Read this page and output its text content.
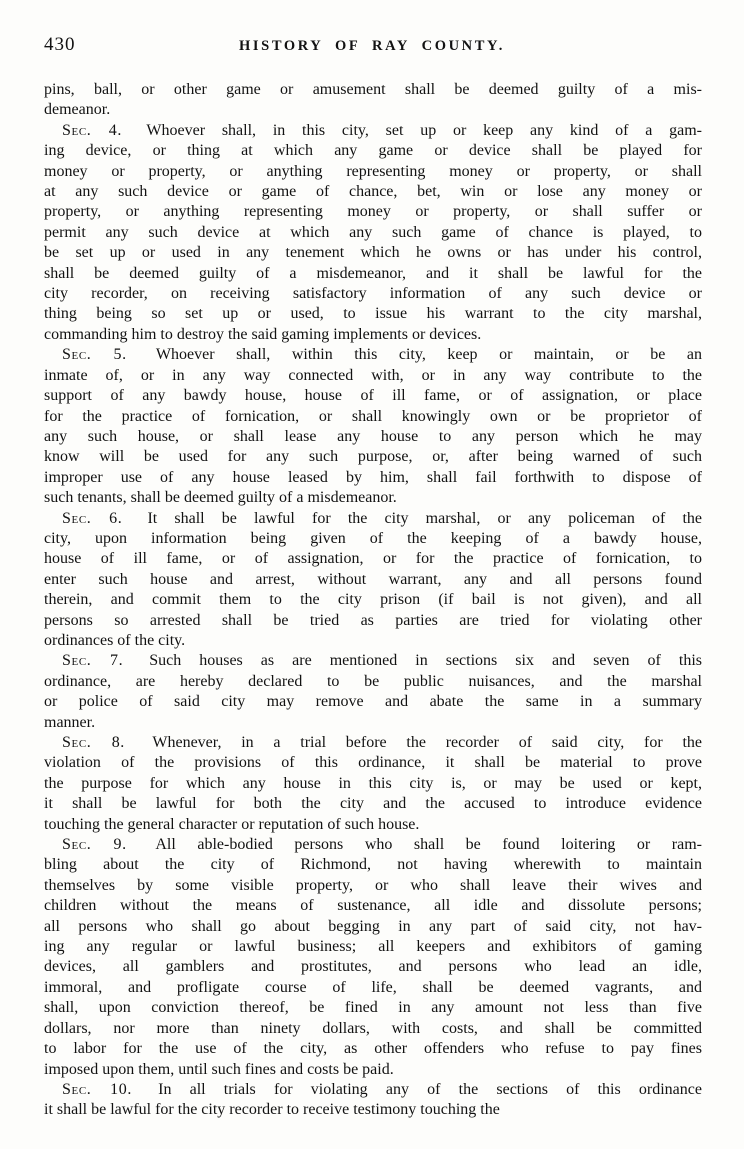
430	HISTORY OF RAY COUNTY.
pins, ball, or other game or amusement shall be deemed guilty of a mis-
demeanor.
Sec. 4.  Whoever shall, in this city, set up or keep any kind of a gam-
ing device, or thing at which any game or device shall be played for
money or property, or anything representing money or property, or shall
at any such device or game of chance, bet, win or lose any money or
property, or anything representing money or property, or shall suffer or
permit any such device at which any such game of chance is played, to
be set up or used in any tenement which he owns or has under his control,
shall be deemed guilty of a misdemeanor, and it shall be lawful for the
city recorder, on receiving satisfactory information of any such device or
thing being so set up or used, to issue his warrant to the city marshal,
commanding him to destroy the said gaming implements or devices.
Sec. 5.  Whoever shall, within this city, keep or maintain, or be an
inmate of, or in any way connected with, or in any way contribute to the
support of any bawdy house, house of ill fame, or of assignation, or place
for the practice of fornication, or shall knowingly own or be proprietor of
any such house, or shall lease any house to any person which he may
know will be used for any such purpose, or, after being warned of such
improper use of any house leased by him, shall fail forthwith to dispose of
such tenants, shall be deemed guilty of a misdemeanor.
Sec. 6.  It shall be lawful for the city marshal, or any policeman of the
city, upon information being given of the keeping of a bawdy house,
house of ill fame, or of assignation, or for the practice of fornication, to
enter such house and arrest, without warrant, any and all persons found
therein, and commit them to the city prison (if bail is not given), and all
persons so arrested shall be tried as parties are tried for violating other
ordinances of the city.
Sec. 7.  Such houses as are mentioned in sections six and seven of this
ordinance, are hereby declared to be public nuisances, and the marshal
or police of said city may remove and abate the same in a summary
manner.
Sec. 8.  Whenever, in a trial before the recorder of said city, for the
violation of the provisions of this ordinance, it shall be material to prove
the purpose for which any house in this city is, or may be used or kept,
it shall be lawful for both the city and the accused to introduce evidence
touching the general character or reputation of such house.
Sec. 9.  All able-bodied persons who shall be found loitering or ram-
bling about the city of Richmond, not having wherewith to maintain
themselves by some visible property, or who shall leave their wives and
children without the means of sustenance, all idle and dissolute persons;
all persons who shall go about begging in any part of said city, not hav-
ing any regular or lawful business; all keepers and exhibitors of gaming
devices, all gamblers and prostitutes, and persons who lead an idle,
immoral, and profligate course of life, shall be deemed vagrants, and
shall, upon conviction thereof, be fined in any amount not less than five
dollars, nor more than ninety dollars, with costs, and shall be committed
to labor for the use of the city, as other offenders who refuse to pay fines
imposed upon them, until such fines and costs be paid.
Sec. 10.  In all trials for violating any of the sections of this ordinance
it shall be lawful for the city recorder to receive testimony touching the
